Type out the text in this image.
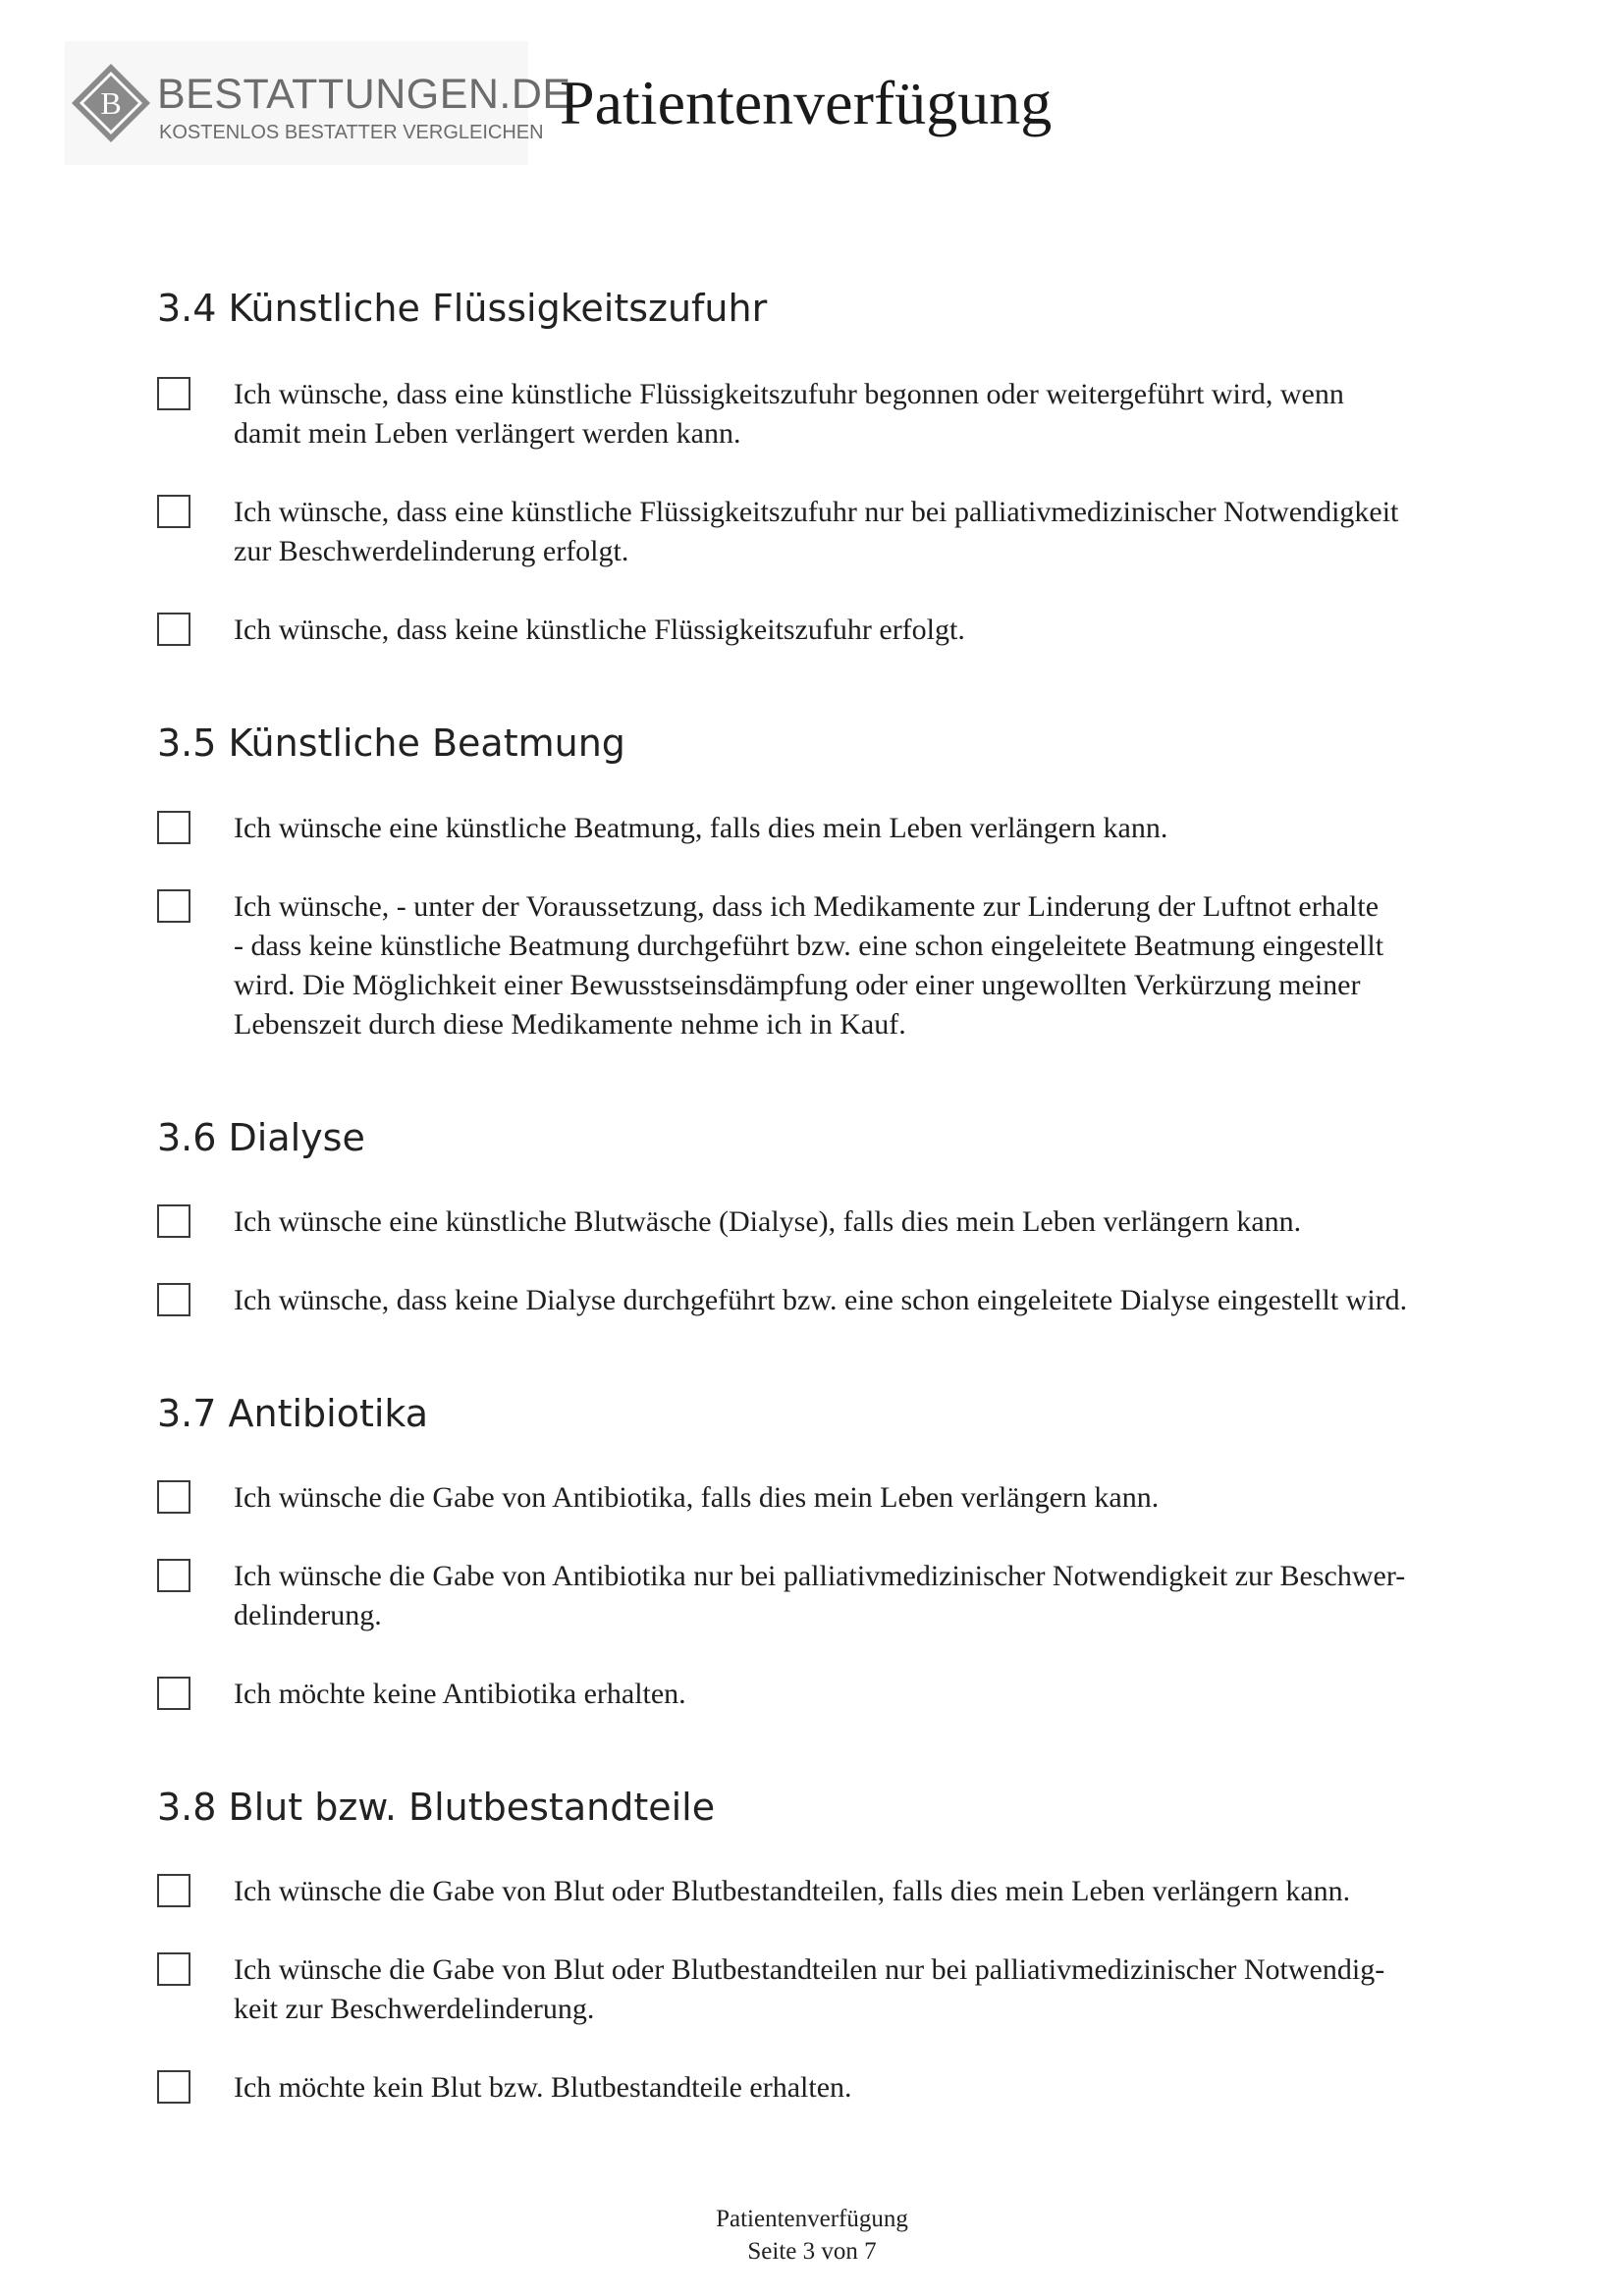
B BESTATTUNGEN.DE
KOSTENLOS BESTATTER VERGLEICHEN Patientenverfügung
3.4 Künstliche Flüssigkeitszufuhr
Ich wünsche, dass eine künstliche Flüssigkeitszufuhr begonnen oder weitergeführt wird, wenn
damit mein Leben verlängert werden kann.
Ich wünsche, dass eine künstliche Flüssigkeitszufuhr nur bei palliativmedizinischer Notwendigkeit
zur Beschwerdelinderung erfolgt.
Ich wünsche, dass keine künstliche Flüssigkeitszufuhr erfolgt.
3.5 Künstliche Beatmung
Ich wünsche eine künstliche Beatmung, falls dies mein Leben verlängern kann.
Ich wünsche, - unter der Voraussetzung, dass ich Medikamente zur Linderung der Luftnot erhalte
- dass keine künstliche Beatmung durchgeführt bzw. eine schon eingeleitete Beatmung eingestellt
wird. Die Möglichkeit einer Bewusstseinsdämpfung oder einer ungewollten Verkürzung meiner
Lebenszeit durch diese Medikamente nehme ich in Kauf.
3.6 Dialyse
Ich wünsche eine künstliche Blutwäsche (Dialyse), falls dies mein Leben verlängern kann.
Ich wünsche, dass keine Dialyse durchgeführt bzw. eine schon eingeleitete Dialyse eingestellt wird.
3.7 Antibiotika
Ich wünsche die Gabe von Antibiotika, falls dies mein Leben verlängern kann.
Ich wünsche die Gabe von Antibiotika nur bei palliativmedizinischer Notwendigkeit zur Beschwer-
delinderung.
Ich möchte keine Antibiotika erhalten.
3.8 Blut bzw. Blutbestandteile
Ich wünsche die Gabe von Blut oder Blutbestandteilen, falls dies mein Leben verlängern kann.
Ich wünsche die Gabe von Blut oder Blutbestandteilen nur bei palliativmedizinischer Notwendig-
keit zur Beschwerdelinderung.
Ich möchte kein Blut bzw. Blutbestandteile erhalten.
Patientenverfügung
Seite 3 von 7
